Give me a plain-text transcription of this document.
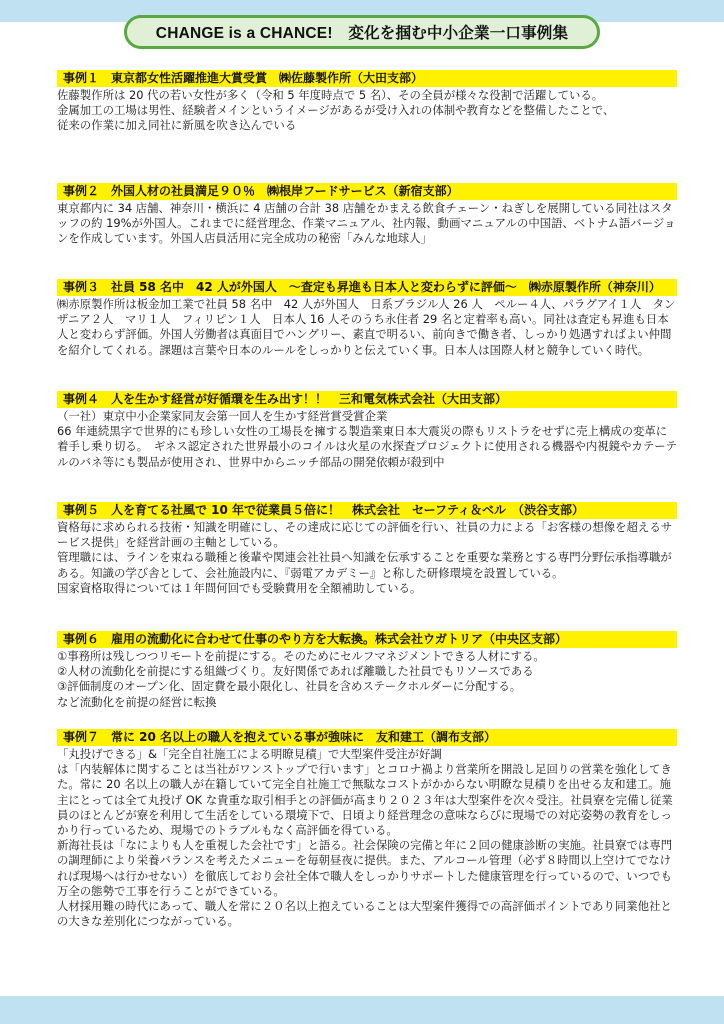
CHANGE is a CHANCE!　変化を掴む中小企業一口事例集
事例１　東京都女性活躍推進大賞受賞　㈱佐藤製作所（大田支部）

佐藤製作所は 20 代の若い女性が多く（令和 5 年度時点で 5 名）、その全員が様々な役割で活躍している。

金属加工の工場は男性、経験者メインというイメージがあるが受け入れの体制や教育などを整備したことで、

従来の作業に加え同社に新風を吹き込んでいる

事例２　外国人材の社員満足９０％　㈱根岸フードサービス（新宿支部）

東京都内に 34 店舗、神奈川・横浜に 4 店舗の合計 38 店舗をかまえる飲食チェーン・ねぎしを展開している同社はスタッフの約 19%が外国人。これまでに経営理念、作業マニュアル、社内報、動画マニュアルの中国語、ベトナム語バージョンを作成しています。外国人店員活用に完全成功の秘密「みんな地球人」

事例３　社員 58 名中　42 人が外国人　～査定も昇進も日本人と変わらずに評価～　㈱赤原製作所（神奈川）

㈱赤原製作所は板金加工業で社員 58 名中　42 人が外国人　日系ブラジル人 26 人　ペルー４人、パラグアイ１人　タンザニア２人　マリ１人　フィリピン１人　日本人 16 人そのうち永住者 29 名と定着率も高い。同社は査定も昇進も日本人と変わらず評価。外国人労働者は真面目でハングリー、素直で明るい、前向きで働き者、しっかり処遇すればよい仲間を紹介してくれる。課題は言葉や日本のルールをしっかりと伝えていく事。日本人は国際人材と競争していく時代。

事例４　人を生かす経営が好循環を生み出す！！　三和電気株式会社（大田支部）

（一社）東京中小企業家同友会第一回人を生かす経営賞受賞企業

66 年連続黒字で世界的にも珍しい女性の工場長を擁する製造業東日本大震災の際もリストラをせずに売上構成の変革に着手し乗り切る。　ギネス認定された世界最小のコイルは火星の水探査プロジェクトに使用される機器や内視鏡やカテーテルのバネ等にも製品が使用され、世界中からニッチ部品の開発依頼が殺到中

事例５　人を育てる社風で 10 年で従業員５倍に！　株式会社　セーフティ＆ベル　（渋谷支部）

資格毎に求められる技術・知識を明確にし、その達成に応じての評価を行い、社員の力による「お客様の想像を超えるサービス提供」を経営計画の主軸としている。

管理職には、ラインを束ねる職種と後輩や関連会社社員へ知識を伝承することを重要な業務とする専門分野伝承指導職がある。知識の学び舎として、会社施設内に、『弱電アカデミー』と称した研修環境を設置している。

国家資格取得については１年間何回でも受験費用を全額補助している。

事例６　雇用の流動化に合わせて仕事のやり方を大転換。株式会社ウガトリア（中央区支部）

①事務所は残しつつリモートを前提にする。そのためにセルフマネジメントできる人材にする。

②人材の流動化を前提にする組織づくり。友好関係であれば離職した社員でもリソースである

③評価制度のオープン化、固定費を最小限化し、社員を含めステークホルダーに分配する。

など流動化を前提の経営に転換

事例７　常に 20 名以上の職人を抱えている事が強味に　友和建工（調布支部）

「丸投げできる」&「完全自社施工による明瞭見積」で大型案件受注が好調

は「内装解体に関することは当社がワンストップで行います」とコロナ禍より営業所を開設し足回りの営業を強化してきた。常に 20 名以上の職人が在籍していて完全自社施工で無駄なコストがかからない明瞭な見積りを出せる友和建工。施主にとっては全て丸投げ OK な貴重な取引相手との評価が高まり２０２３年は大型案件を次々受注。社員寮を完備し従業員のほとんどが寮を利用して生活をしている環境下で、日頃より経営理念の意味ならびに現場での対応姿勢の教育をしっかり行っているため、現場でのトラブルもなく高評価を得ている。

新海社長は「なによりも人を重視した会社です」と語る。社会保険の完備と年に２回の健康診断の実施。社員寮では専門の調理師により栄養バランスを考えたメニューを毎朝昼夜に提供。また、アルコール管理（必ず８時間以上空けてでなければ現場へは行かせない）を徹底しており会社全体で職人をしっかりサポートした健康管理を行っているので、いつでも万全の態勢で工事を行うことができている。

人材採用難の時代にあって、職人を常に２０名以上抱えていることは大型案件獲得での高評価ポイントであり同業他社との大きな差別化につながっている。
